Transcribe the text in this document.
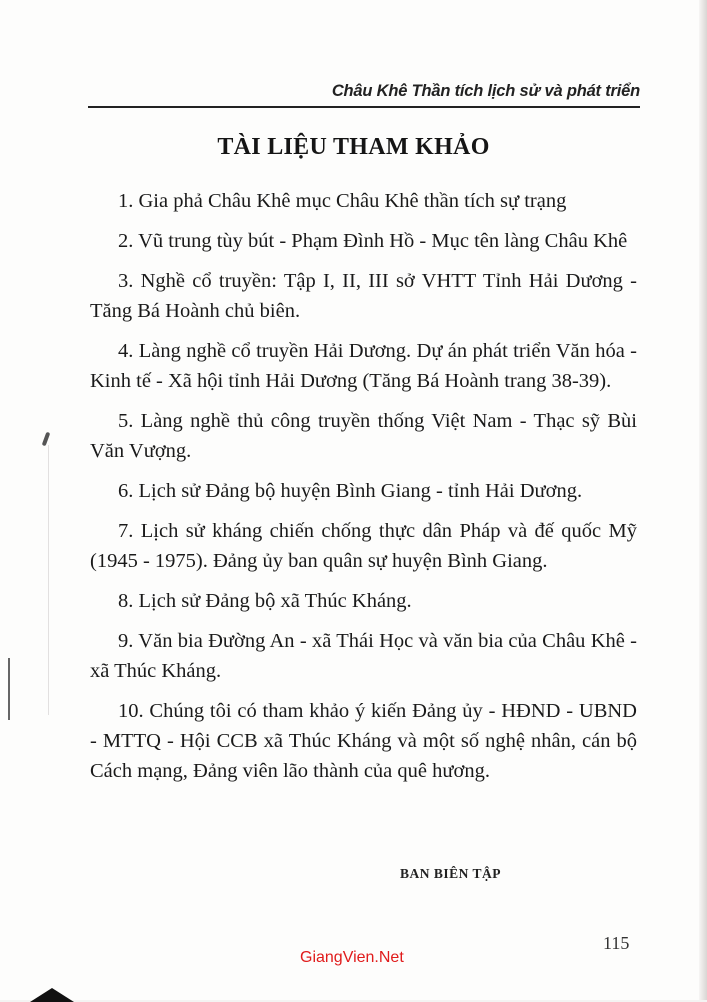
Châu Khê Thần tích lịch sử và phát triển
TÀI LIỆU THAM KHẢO

1. Gia phả Châu Khê mục Châu Khê thần tích sự trạng

2. Vũ trung tùy bút - Phạm Đình Hồ - Mục tên làng Châu Khê

3. Nghề cổ truyền: Tập I, II, III sở VHTT Tỉnh Hải Dương - Tăng Bá Hoành chủ biên.

4. Làng nghề cổ truyền Hải Dương. Dự án phát triển Văn hóa - Kinh tế - Xã hội tỉnh Hải Dương (Tăng Bá Hoành trang 38-39).

5. Làng nghề thủ công truyền thống Việt Nam - Thạc sỹ Bùi Văn Vượng.

6. Lịch sử Đảng bộ huyện Bình Giang - tỉnh Hải Dương.

7. Lịch sử kháng chiến chống thực dân Pháp và đế quốc Mỹ (1945 - 1975). Đảng ủy ban quân sự huyện Bình Giang.

8. Lịch sử Đảng bộ xã Thúc Kháng.

9. Văn bia Đường An - xã Thái Học và văn bia của Châu Khê - xã Thúc Kháng.

10. Chúng tôi có tham khảo ý kiến Đảng ủy - HĐND - UBND - MTTQ - Hội CCB xã Thúc Kháng và một số nghệ nhân, cán bộ Cách mạng, Đảng viên lão thành của quê hương.

BAN BIÊN TẬP
115
GiangVien.Net
